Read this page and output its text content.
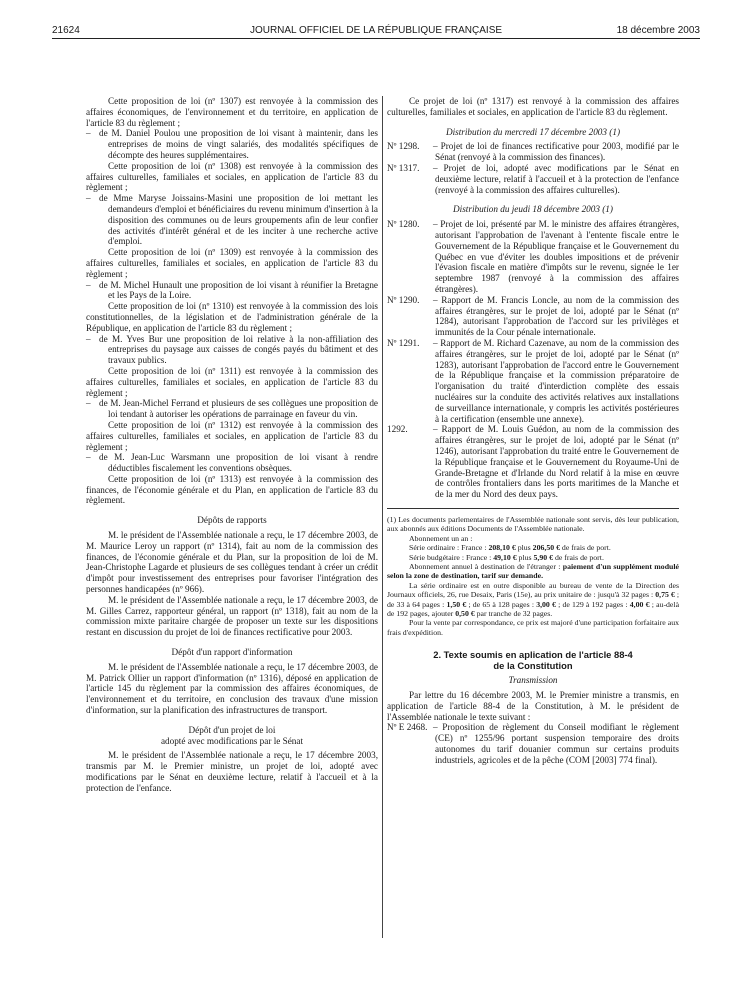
21624	JOURNAL OFFICIEL DE LA RÉPUBLIQUE FRANÇAISE	18 décembre 2003

Cette proposition de loi (nº 1307) est renvoyée à la commission des affaires économiques, de l'environnement et du territoire, en application de l'article 83 du règlement ;

– de M. Daniel Poulou une proposition de loi visant à maintenir, dans les entreprises de moins de vingt salariés, des modalités spécifiques de décompte des heures supplémentaires.

Cette proposition de loi (nº 1308) est renvoyée à la commission des affaires culturelles, familiales et sociales, en application de l'article 83 du règlement ;

– de Mme Maryse Joissains-Masini une proposition de loi mettant les demandeurs d'emploi et bénéficiaires du revenu minimum d'insertion à la disposition des communes ou de leurs groupements afin de leur confier des activités d'intérêt général et de les inciter à une recherche active d'emploi.

Cette proposition de loi (nº 1309) est renvoyée à la commission des affaires culturelles, familiales et sociales, en application de l'article 83 du règlement ;

– de M. Michel Hunault une proposition de loi visant à réunifier la Bretagne et les Pays de la Loire.

Cette proposition de loi (nº 1310) est renvoyée à la commission des lois constitutionnelles, de la législation et de l'administration générale de la République, en application de l'article 83 du règlement ;

– de M. Yves Bur une proposition de loi relative à la non-affiliation des entreprises du paysage aux caisses de congés payés du bâtiment et des travaux publics.

Cette proposition de loi (nº 1311) est renvoyée à la commission des affaires culturelles, familiales et sociales, en application de l'article 83 du règlement ;

– de M. Jean-Michel Ferrand et plusieurs de ses collègues une proposition de loi tendant à autoriser les opérations de parrainage en faveur du vin.

Cette proposition de loi (nº 1312) est renvoyée à la commission des affaires culturelles, familiales et sociales, en application de l'article 83 du règlement ;

– de M. Jean-Luc Warsmann une proposition de loi visant à rendre déductibles fiscalement les conventions obsèques.

Cette proposition de loi (nº 1313) est renvoyée à la commission des finances, de l'économie générale et du Plan, en application de l'article 83 du règlement.

Dépôts de rapports

M. le président de l'Assemblée nationale a reçu, le 17 décembre 2003, de M. Maurice Leroy un rapport (nº 1314), fait au nom de la commission des finances, de l'économie générale et du Plan, sur la proposition de loi de M. Jean-Christophe Lagarde et plusieurs de ses collègues tendant à créer un crédit d'impôt pour investissement des entreprises pour favoriser l'intégration des personnes handicapées (nº 966).

M. le président de l'Assemblée nationale a reçu, le 17 décembre 2003, de M. Gilles Carrez, rapporteur général, un rapport (nº 1318), fait au nom de la commission mixte paritaire chargée de proposer un texte sur les dispositions restant en discussion du projet de loi de finances rectificative pour 2003.

Dépôt d'un rapport d'information

M. le président de l'Assemblée nationale a reçu, le 17 décembre 2003, de M. Patrick Ollier un rapport d'information (nº 1316), déposé en application de l'article 145 du règlement par la commission des affaires économiques, de l'environnement et du territoire, en conclusion des travaux d'une mission d'information, sur la planification des infrastructures de transport.

Dépôt d'un projet de loi

adopté avec modifications par le Sénat

M. le président de l'Assemblée nationale a reçu, le 17 décembre 2003, transmis par M. le Premier ministre, un projet de loi, adopté avec modifications par le Sénat en deuxième lecture, relatif à l'accueil et à la protection de l'enfance.

Ce projet de loi (nº 1317) est renvoyé à la commission des affaires culturelles, familiales et sociales, en application de l'article 83 du règlement.

Distribution du mercredi 17 décembre 2003 (1)

Nº 1298. – Projet de loi de finances rectificative pour 2003, modifié par le Sénat (renvoyé à la commission des finances).

Nº 1317. – Projet de loi, adopté avec modifications par le Sénat en deuxième lecture, relatif à l'accueil et à la protection de l'enfance (renvoyé à la commission des affaires culturelles).

Distribution du jeudi 18 décembre 2003 (1)

Nº 1280. – Projet de loi, présenté par M. le ministre des affaires étrangères, autorisant l'approbation de l'avenant à l'entente fiscale entre le Gouvernement de la République française et le Gouvernement du Québec en vue d'éviter les doubles impositions et de prévenir l'évasion fiscale en matière d'impôts sur le revenu, signée le 1er septembre 1987 (renvoyé à la commission des affaires étrangères).

Nº 1290. – Rapport de M. Francis Loncle, au nom de la commission des affaires étrangères, sur le projet de loi, adopté par le Sénat (nº 1284), autorisant l'approbation de l'accord sur les privilèges et immunités de la Cour pénale internationale.

Nº 1291. – Rapport de M. Richard Cazenave, au nom de la commission des affaires étrangères, sur le projet de loi, adopté par le Sénat (nº 1283), autorisant l'approbation de l'accord entre le Gouvernement de la République française et la commission préparatoire de l'organisation du traité d'interdiction complète des essais nucléaires sur la conduite des activités relatives aux installations de surveillance internationale, y compris les activités postérieures à la certification (ensemble une annexe).

1292.	– Rapport de M. Louis Guédon, au nom de la commission des affaires étrangères, sur le projet de loi, adopté par le Sénat (nº 1246), autorisant l'approbation du traité entre le Gouvernement de la République française et le Gouvernement du Royaume-Uni de Grande-Bretagne et d'Irlande du Nord relatif à la mise en œuvre de contrôles frontaliers dans les ports maritimes de la Manche et de la mer du Nord des deux pays.

(1) Les documents parlementaires de l'Assemblée nationale sont servis, dès leur publication, aux abonnés aux éditions Documents de l'Assemblée nationale.

Abonnement un an :

Série ordinaire : France : 208,10 € plus 206,50 € de frais de port.

Série budgétaire : France : 49,10 € plus 5,90 € de frais de port.

Abonnement annuel à destination de l'étranger : paiement d'un supplément modulé selon la zone de destination, tarif sur demande.

La série ordinaire est en outre disponible au bureau de vente de la Direction des Journaux officiels, 26, rue Desaix, Paris (15e), au prix unitaire de : jusqu'à 32 pages : 0,75 € ; de 33 à 64 pages : 1,50 € ; de 65 à 128 pages : 3,00 € ; de 129 à 192 pages : 4,00 € ; au-delà de 192 pages, ajouter 0,50 € par tranche de 32 pages.

Pour la vente par correspondance, ce prix est majoré d'une participation forfaitaire aux frais d'expédition.

2. Texte soumis en aplication de l'article 88-4
de la Constitution

Transmission

Par lettre du 16 décembre 2003, M. le Premier ministre a transmis, en application de l'article 88-4 de la Constitution, à M. le président de l'Assemblée nationale le texte suivant :

Nº E 2468. – Proposition de règlement du Conseil modifiant le règlement (CE) nº 1255/96 portant suspension temporaire des droits autonomes du tarif douanier commun sur certains produits industriels, agricoles et de la pêche (COM [2003] 774 final).
